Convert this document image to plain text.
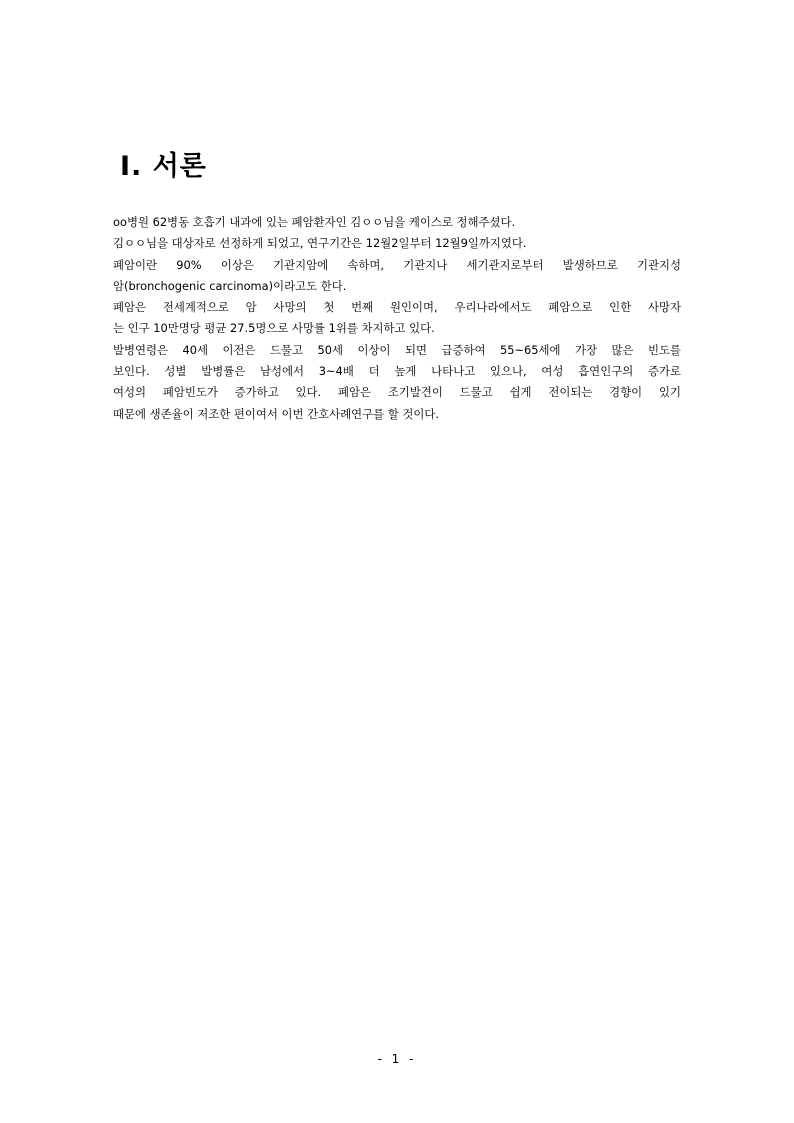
Ⅰ. 서론
oo병원 62병동 호흡기 내과에 있는 폐암환자인 김ㅇㅇ님을 케이스로 정해주셨다.
김ㅇㅇ님을 대상자로 선정하게 되었고, 연구기간은 12월2일부터 12월9일까지였다.
폐암이란 90% 이상은 기관지암에 속하며, 기관지나 세기관지로부터 발생하므로 기관지성
암(bronchogenic carcinoma)이라고도 한다.
폐암은 전세계적으로 암 사망의 첫 번째 원인이며, 우리나라에서도 폐암으로 인한 사망자
는 인구 10만명당 평균 27.5명으로 사망률 1위를 차지하고 있다.
발병연령은 40세 이전은 드물고 50세 이상이 되면 급증하여 55~65세에 가장 많은 빈도를
보인다. 성별 발병률은 남성에서 3~4배 더 높게 나타나고 있으나, 여성 흡연인구의 증가로
여성의 폐암빈도가 증가하고 있다. 폐암은 조기발견이 드물고 쉽게 전이되는 경향이 있기
때문에 생존율이 저조한 편이여서 이번 간호사례연구를 할 것이다.
- 1 -
